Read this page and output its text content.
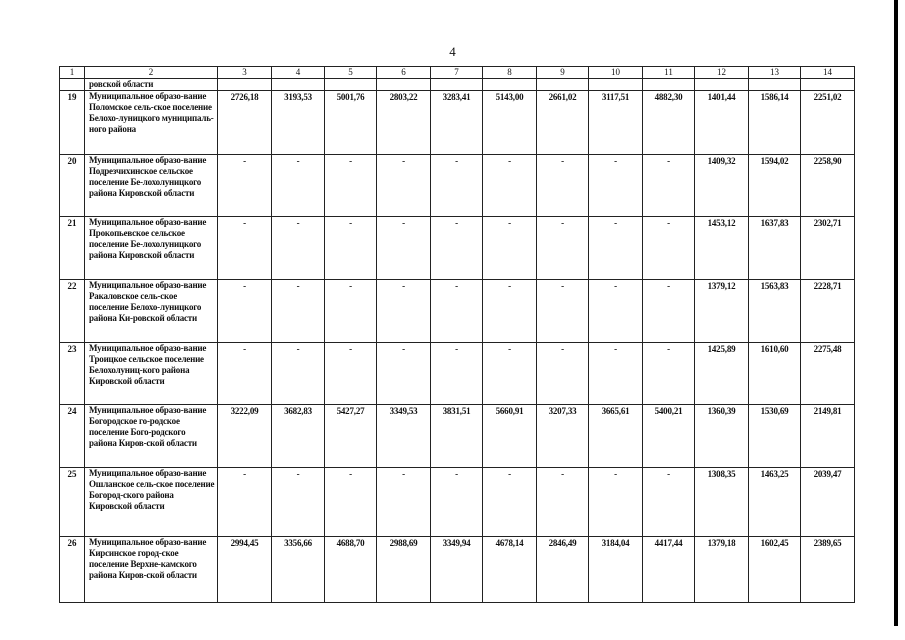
4
1	2	3	4	5	6	7	8	9	10	11	12	13	14
	ровской области												
19	Муниципальное образо-вание Поломское сель-ское поселение Белохо-луницкого муниципаль-ного района	2726,18	3193,53	5001,76	2803,22	3283,41	5143,00	2661,02	3117,51	4882,30	1401,44	1586,14	2251,02
20	Муниципальное образо-вание Подрезчихинское сельское поселение Бе-лохолуницкого района Кировской области	-	-	-	-	-	-	-	-	-	1409,32	1594,02	2258,90
21	Муниципальное образо-вание Прокопьевское сельское поселение Бе-лохолуницкого района Кировской области	-	-	-	-	-	-	-	-	-	1453,12	1637,83	2302,71
22	Муниципальное образо-вание Ракаловское сель-ское поселение Белохо-луницкого района Ки-ровской области	-	-	-	-	-	-	-	-	-	1379,12	1563,83	2228,71
23	Муниципальное образо-вание Троицкое сельское поселение Белохолуниц-кого района Кировской области	-	-	-	-	-	-	-	-	-	1425,89	1610,60	2275,48
24	Муниципальное образо-вание Богородское го-родское поселение Бого-родского района Киров-ской области	3222,09	3682,83	5427,27	3349,53	3831,51	5660,91	3207,33	3665,61	5400,21	1360,39	1530,69	2149,81
25	Муниципальное образо-вание Ошланское сель-ское поселение Богород-ского района Кировской области	-	-	-	-	-	-	-	-	-	1308,35	1463,25	2039,47
26	Муниципальное образо-вание Кирсинское город-ское поселение Верхне-камского района Киров-ской области	2994,45	3356,66	4688,70	2988,69	3349,94	4678,14	2846,49	3184,04	4417,44	1379,18	1602,45	2389,65
